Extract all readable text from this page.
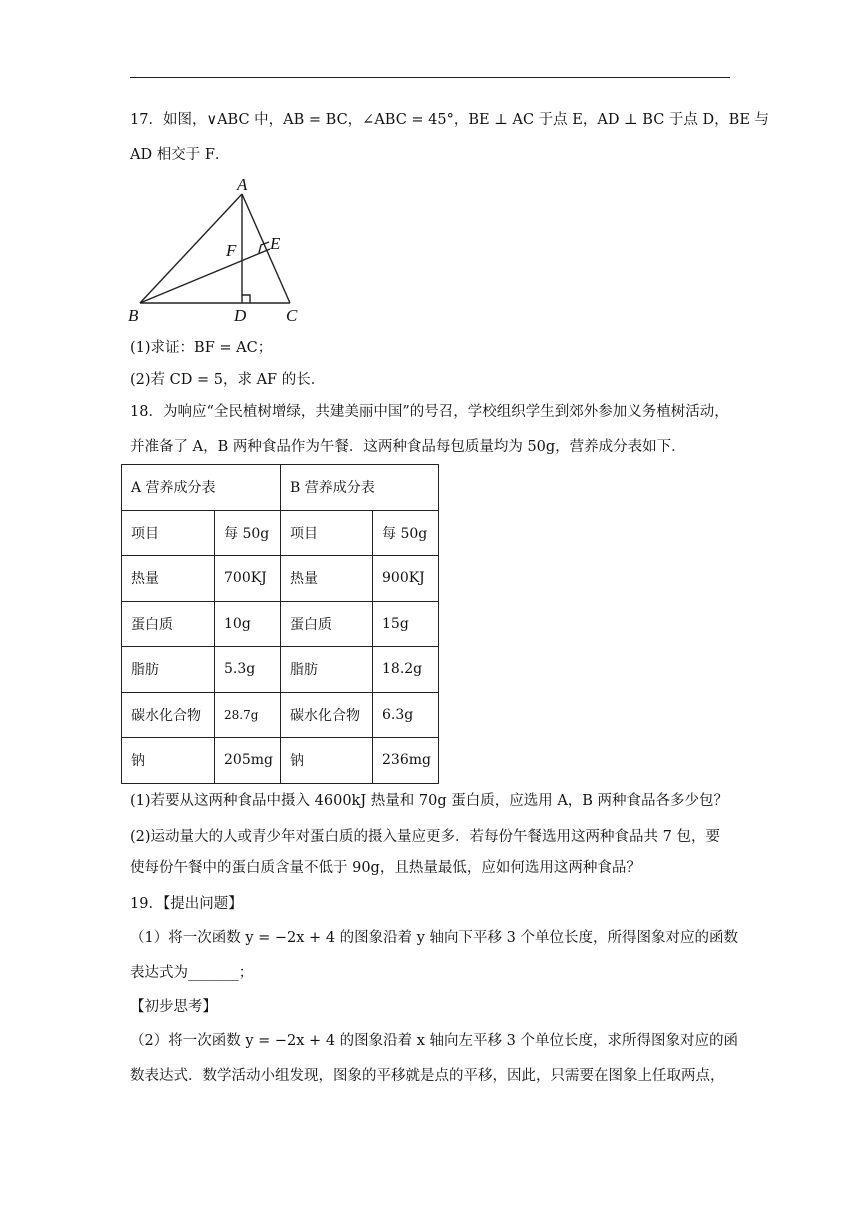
17．如图，∨ABC 中，AB = BC，∠ABC = 45°，BE ⊥ AC 于点 E，AD ⊥ BC 于点 D，BE 与
AD 相交于 F．
A
B	C
D
E
F
(1)求证：BF = AC；
(2)若 CD = 5，求 AF 的长．
18．为响应“全民植树增绿，共建美丽中国”的号召，学校组织学生到郊外参加义务植树活动，
并准备了 A，B 两种食品作为午餐．这两种食品每包质量均为 50g，营养成分表如下．
A 营养成分表		B 营养成分表	
项目	每 50g	项目	每 50g
热量	700KJ	热量	900KJ
蛋白质	10g	蛋白质	15g
脂肪	5.3g	脂肪	18.2g
碳水化合物	28.7g	碳水化合物	6.3g
钠	205mg	钠	236mg
(1)若要从这两种食品中摄入 4600kJ 热量和 70g 蛋白质，应选用 A，B 两种食品各多少包？
(2)运动量大的人或青少年对蛋白质的摄入量应更多．若每份午餐选用这两种食品共 7 包，要
使每份午餐中的蛋白质含量不低于 90g，且热量最低，应如何选用这两种食品？
19．【提出问题】
（1）将一次函数 y = −2x + 4 的图象沿着 y 轴向下平移 3 个单位长度，所得图象对应的函数
表达式为_______；
【初步思考】
（2）将一次函数 y = −2x + 4 的图象沿着 x 轴向左平移 3 个单位长度，求所得图象对应的函
数表达式．数学活动小组发现，图象的平移就是点的平移，因此，只需要在图象上任取两点，
